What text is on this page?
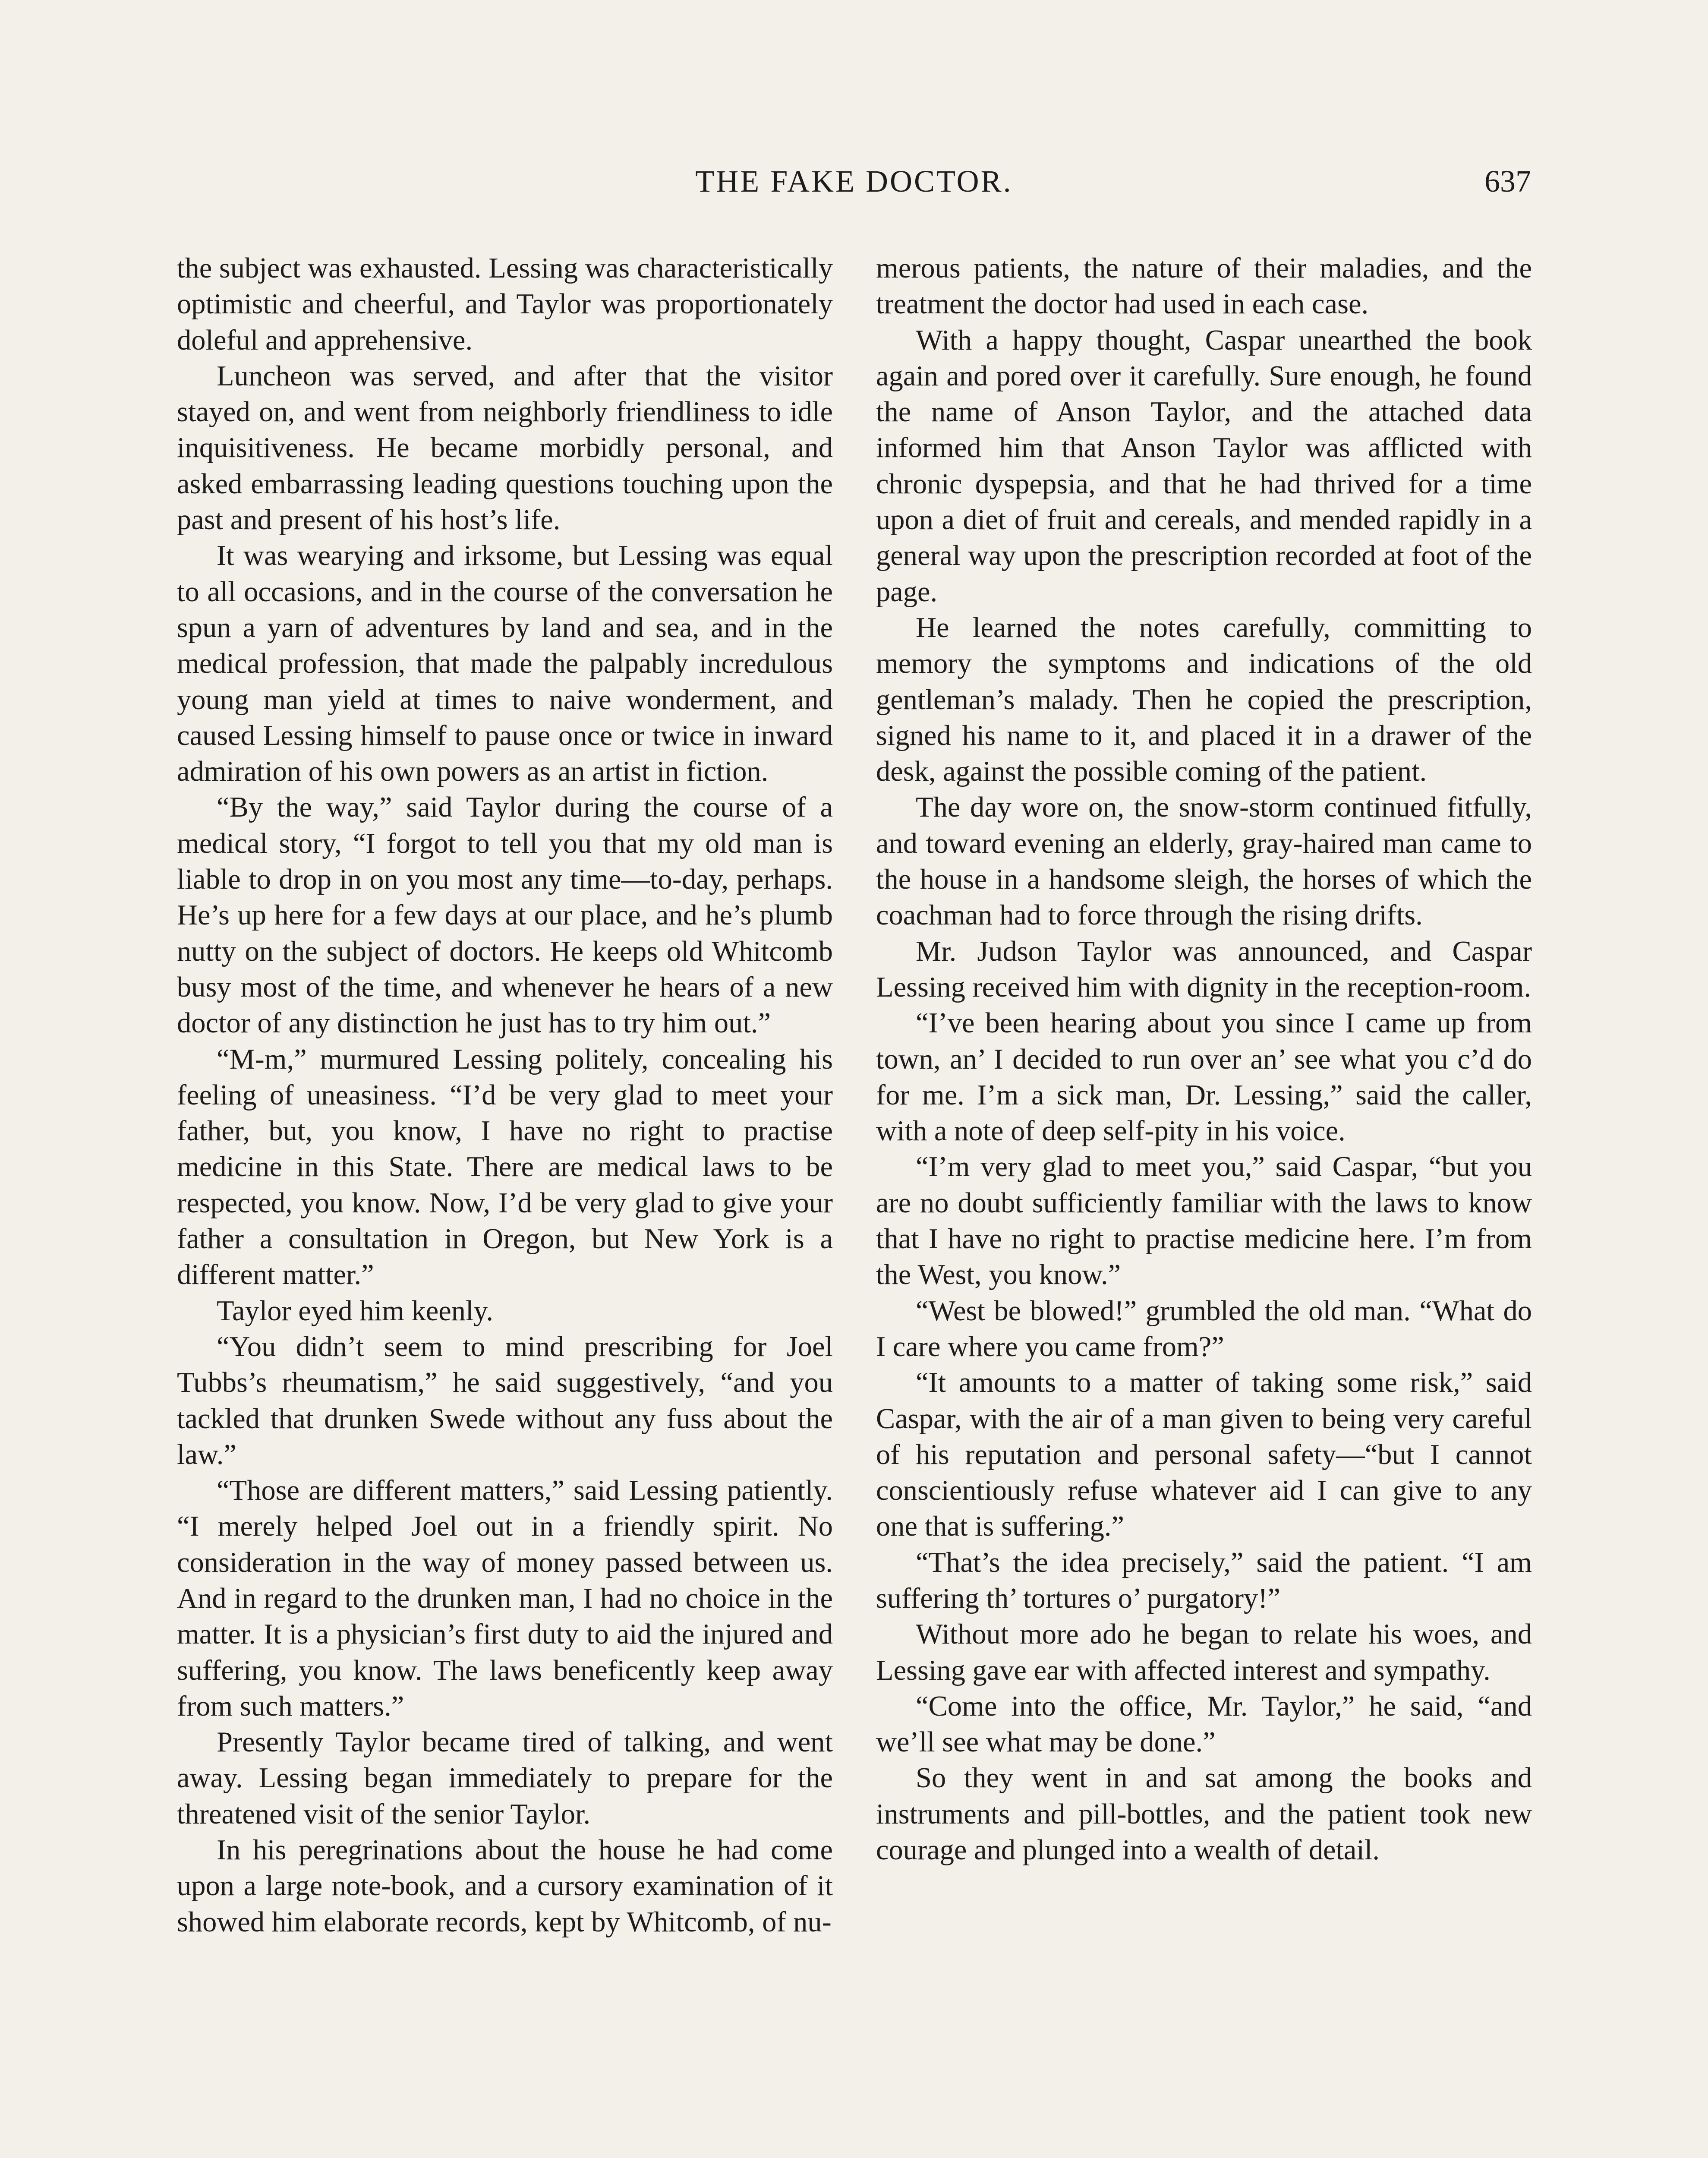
THE FAKE DOCTOR.	637

the subject was exhausted. Lessing was characteristically optimistic and cheerful, and Taylor was proportionately doleful and apprehensive.

Luncheon was served, and after that the visitor stayed on, and went from neighborly friendliness to idle inquisitiveness. He became morbidly personal, and asked embarrassing leading questions touching upon the past and present of his host’s life.

It was wearying and irksome, but Lessing was equal to all occasions, and in the course of the conversation he spun a yarn of adventures by land and sea, and in the medical profession, that made the palpably incredulous young man yield at times to naive wonderment, and caused Lessing himself to pause once or twice in inward admiration of his own powers as an artist in fiction.

“By the way,” said Taylor during the course of a medical story, “I forgot to tell you that my old man is liable to drop in on you most any time—to-day, perhaps. He’s up here for a few days at our place, and he’s plumb nutty on the subject of doctors. He keeps old Whitcomb busy most of the time, and whenever he hears of a new doctor of any distinction he just has to try him out.”

“M-m,” murmured Lessing politely, concealing his feeling of uneasiness. “I’d be very glad to meet your father, but, you know, I have no right to practise medicine in this State. There are medical laws to be respected, you know. Now, I’d be very glad to give your father a consultation in Oregon, but New York is a different matter.”

Taylor eyed him keenly.

“You didn’t seem to mind prescribing for Joel Tubbs’s rheumatism,” he said suggestively, “and you tackled that drunken Swede without any fuss about the law.”

“Those are different matters,” said Lessing patiently. “I merely helped Joel out in a friendly spirit. No consideration in the way of money passed between us. And in regard to the drunken man, I had no choice in the matter. It is a physician’s first duty to aid the injured and suffering, you know. The laws beneficently keep away from such matters.”

Presently Taylor became tired of talking, and went away. Lessing began immediately to prepare for the threatened visit of the senior Taylor.

In his peregrinations about the house he had come upon a large note-book, and a cursory examination of it showed him elaborate records, kept by Whitcomb, of nu-

merous patients, the nature of their maladies, and the treatment the doctor had used in each case.

With a happy thought, Caspar unearthed the book again and pored over it carefully. Sure enough, he found the name of Anson Taylor, and the attached data informed him that Anson Taylor was afflicted with chronic dyspepsia, and that he had thrived for a time upon a diet of fruit and cereals, and mended rapidly in a general way upon the prescription recorded at foot of the page.

He learned the notes carefully, committing to memory the symptoms and indications of the old gentleman’s malady. Then he copied the prescription, signed his name to it, and placed it in a drawer of the desk, against the possible coming of the patient.

The day wore on, the snow-storm continued fitfully, and toward evening an elderly, gray-haired man came to the house in a handsome sleigh, the horses of which the coachman had to force through the rising drifts.

Mr. Judson Taylor was announced, and Caspar Lessing received him with dignity in the reception-room.

“I’ve been hearing about you since I came up from town, an’ I decided to run over an’ see what you c’d do for me. I’m a sick man, Dr. Lessing,” said the caller, with a note of deep self-pity in his voice.

“I’m very glad to meet you,” said Caspar, “but you are no doubt sufficiently familiar with the laws to know that I have no right to practise medicine here. I’m from the West, you know.”

“West be blowed!” grumbled the old man. “What do I care where you came from?”

“It amounts to a matter of taking some risk,” said Caspar, with the air of a man given to being very careful of his reputation and personal safety—“but I cannot conscientiously refuse whatever aid I can give to any one that is suffering.”

“That’s the idea precisely,” said the patient. “I am suffering th’ tortures o’ purgatory!”

Without more ado he began to relate his woes, and Lessing gave ear with affected interest and sympathy.

“Come into the office, Mr. Taylor,” he said, “and we’ll see what may be done.”

So they went in and sat among the books and instruments and pill-bottles, and the patient took new courage and plunged into a wealth of detail.
